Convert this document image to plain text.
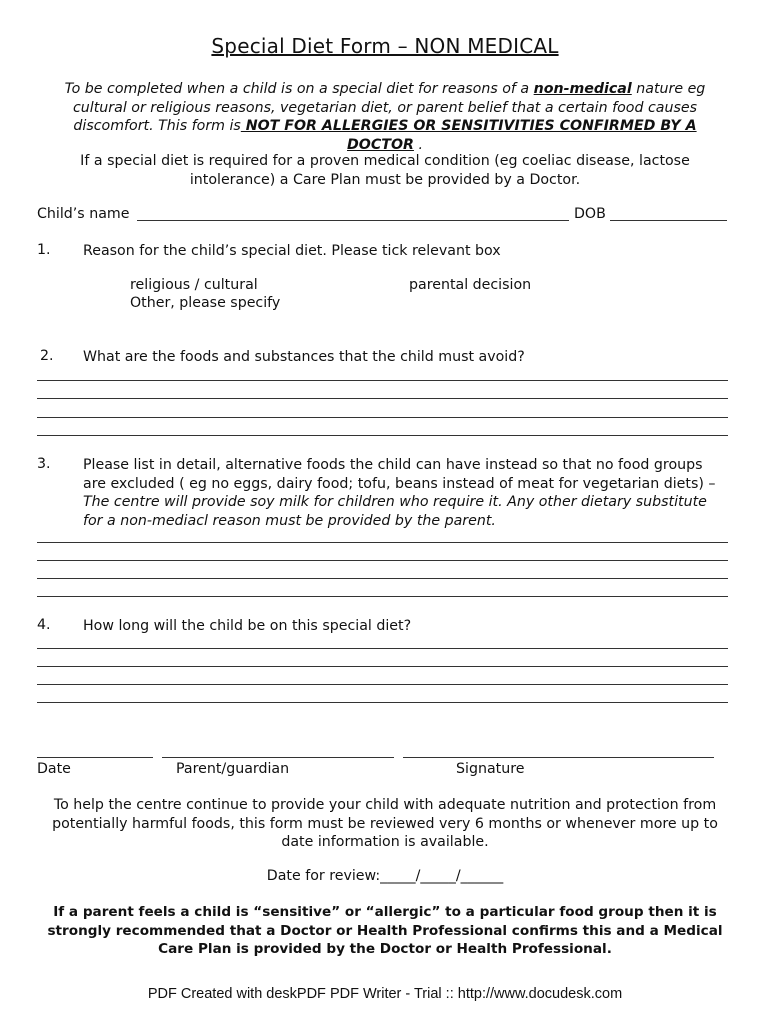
Special Diet Form – NON MEDICAL
To be completed when a child is on a special diet for reasons of a non-medical nature eg cultural or religious reasons, vegetarian diet, or parent belief that a certain food causes discomfort. This form is NOT FOR ALLERGIES OR SENSITIVITIES CONFIRMED BY A DOCTOR .
If a special diet is required for a proven medical condition (eg coeliac disease, lactose intolerance) a Care Plan must be provided by a Doctor.
Child’s name	DOB
1. Reason for the child’s special diet. Please tick relevant box
religious / cultural	parental decision
Other, please specify
2. What are the foods and substances that the child must avoid?
3. Please list in detail, alternative foods the child can have instead so that no food groups are excluded ( eg no eggs, dairy food; tofu, beans instead of meat for vegetarian diets) – The centre will provide soy milk for children who require it. Any other dietary substitute for a non-mediacl reason must be provided by the parent.
4. How long will the child be on this special diet?
Date	Parent/guardian	Signature
To help the centre continue to provide your child with adequate nutrition and protection from potentially harmful foods, this form must be reviewed very 6 months or whenever more up to date information is available.
Date for review:_____/_____/______
If a parent feels a child is “sensitive” or “allergic” to a particular food group then it is strongly recommended that a Doctor or Health Professional confirms this and a Medical Care Plan is provided by the Doctor or Health Professional.
PDF Created with deskPDF PDF Writer - Trial :: http://www.docudesk.com
